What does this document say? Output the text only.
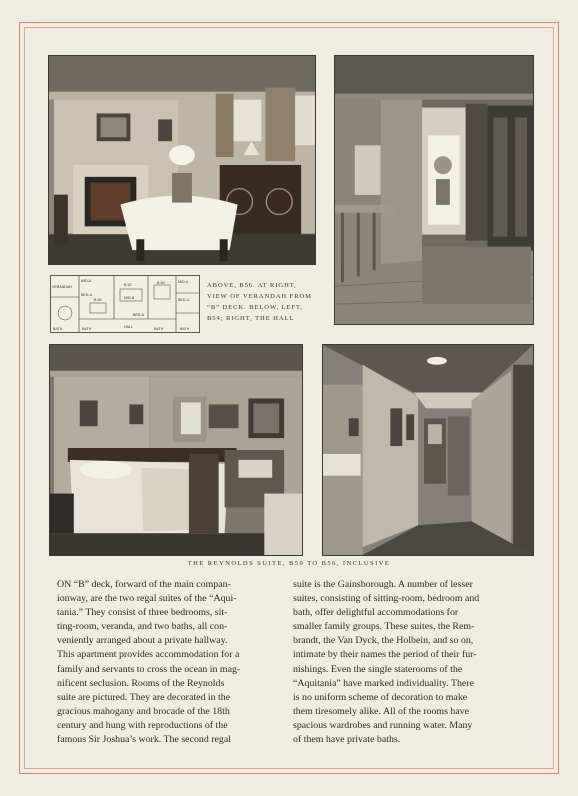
VERANDAH
MID-A
BED-A
B-52
MID-B
B-50	MID-A
BED-A
B-54
BED-A
BATH
BATH	HALL	BATH	BATH
ABOVE, B56. AT RIGHT,
VIEW OF VERANDAH FROM
“B” DECK. BELOW, LEFT,
B54; RIGHT, THE HALL
THE REYNOLDS SUITE, B50 TO B56, INCLUSIVE
ON “B” deck, forward of the main compan-
ionway, are the two regal suites of the “Aqui-
tania.” They consist of three bedrooms, sit-
ting-room, veranda, and two baths, all con-
veniently arranged about a private hallway.
This apartment provides accommodation for a
family and servants to cross the ocean in mag-
nificent seclusion. Rooms of the Reynolds
suite are pictured. They are decorated in the
gracious mahogany and brocade of the 18th
century and hung with reproductions of the
famous Sir Joshua’s work. The second regal
suite is the Gainsborough. A number of lesser
suites, consisting of sitting-room, bedroom and
bath, offer delightful accommodations for
smaller family groups. These suites, the Rem-
brandt, the Van Dyck, the Holbein, and so on,
intimate by their names the period of their fur-
nishings. Even the single staterooms of the
“Aquitania” have marked individuality. There
is no uniform scheme of decoration to make
them tiresomely alike. All of the rooms have
spacious wardrobes and running water. Many
of them have private baths.
